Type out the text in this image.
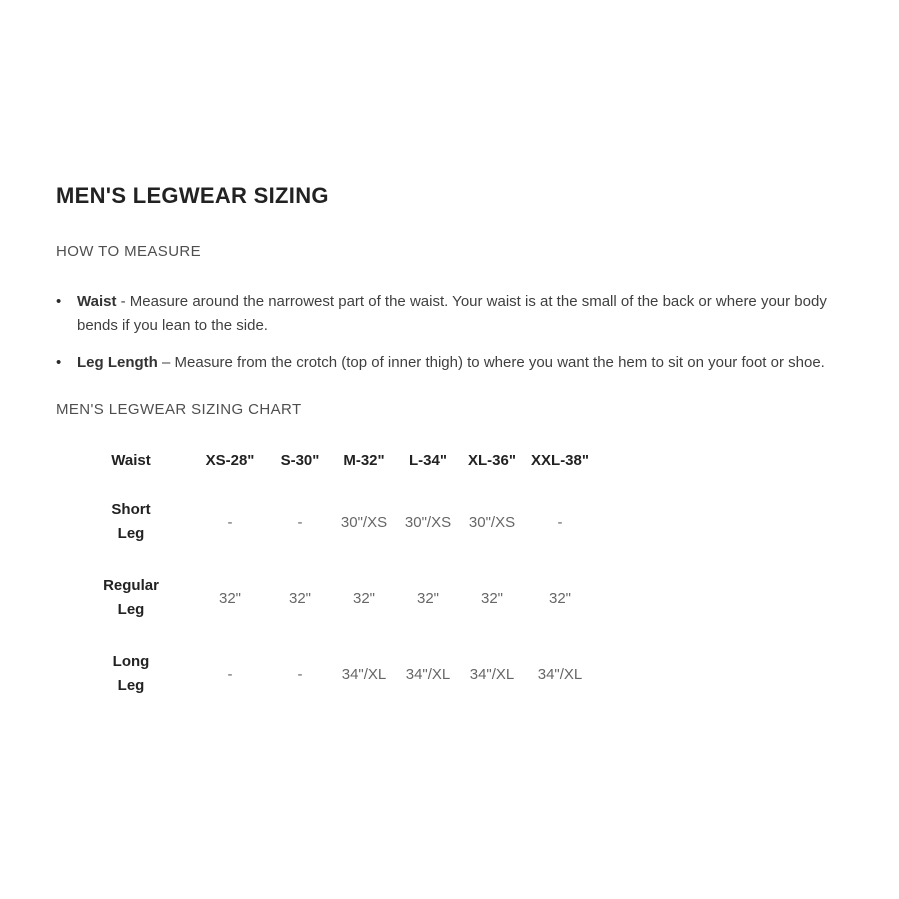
MEN'S LEGWEAR SIZING
HOW TO MEASURE
•	Waist - Measure around the narrowest part of the waist. Your waist is at the small of the back or where your body bends if you lean to the side.
•	Leg Length – Measure from the crotch (top of inner thigh) to where you want the hem to sit on your foot or shoe.
MEN'S LEGWEAR SIZING CHART
Waist	XS-28"	S-30"	M-32"	L-34"	XL-36"	XXL-38"
Short Leg	-	-	30"/XS	30"/XS	30"/XS	-
Regular Leg	32"	32"	32"	32"	32"	32"
Long Leg	-	-	34"/XL	34"/XL	34"/XL	34"/XL
